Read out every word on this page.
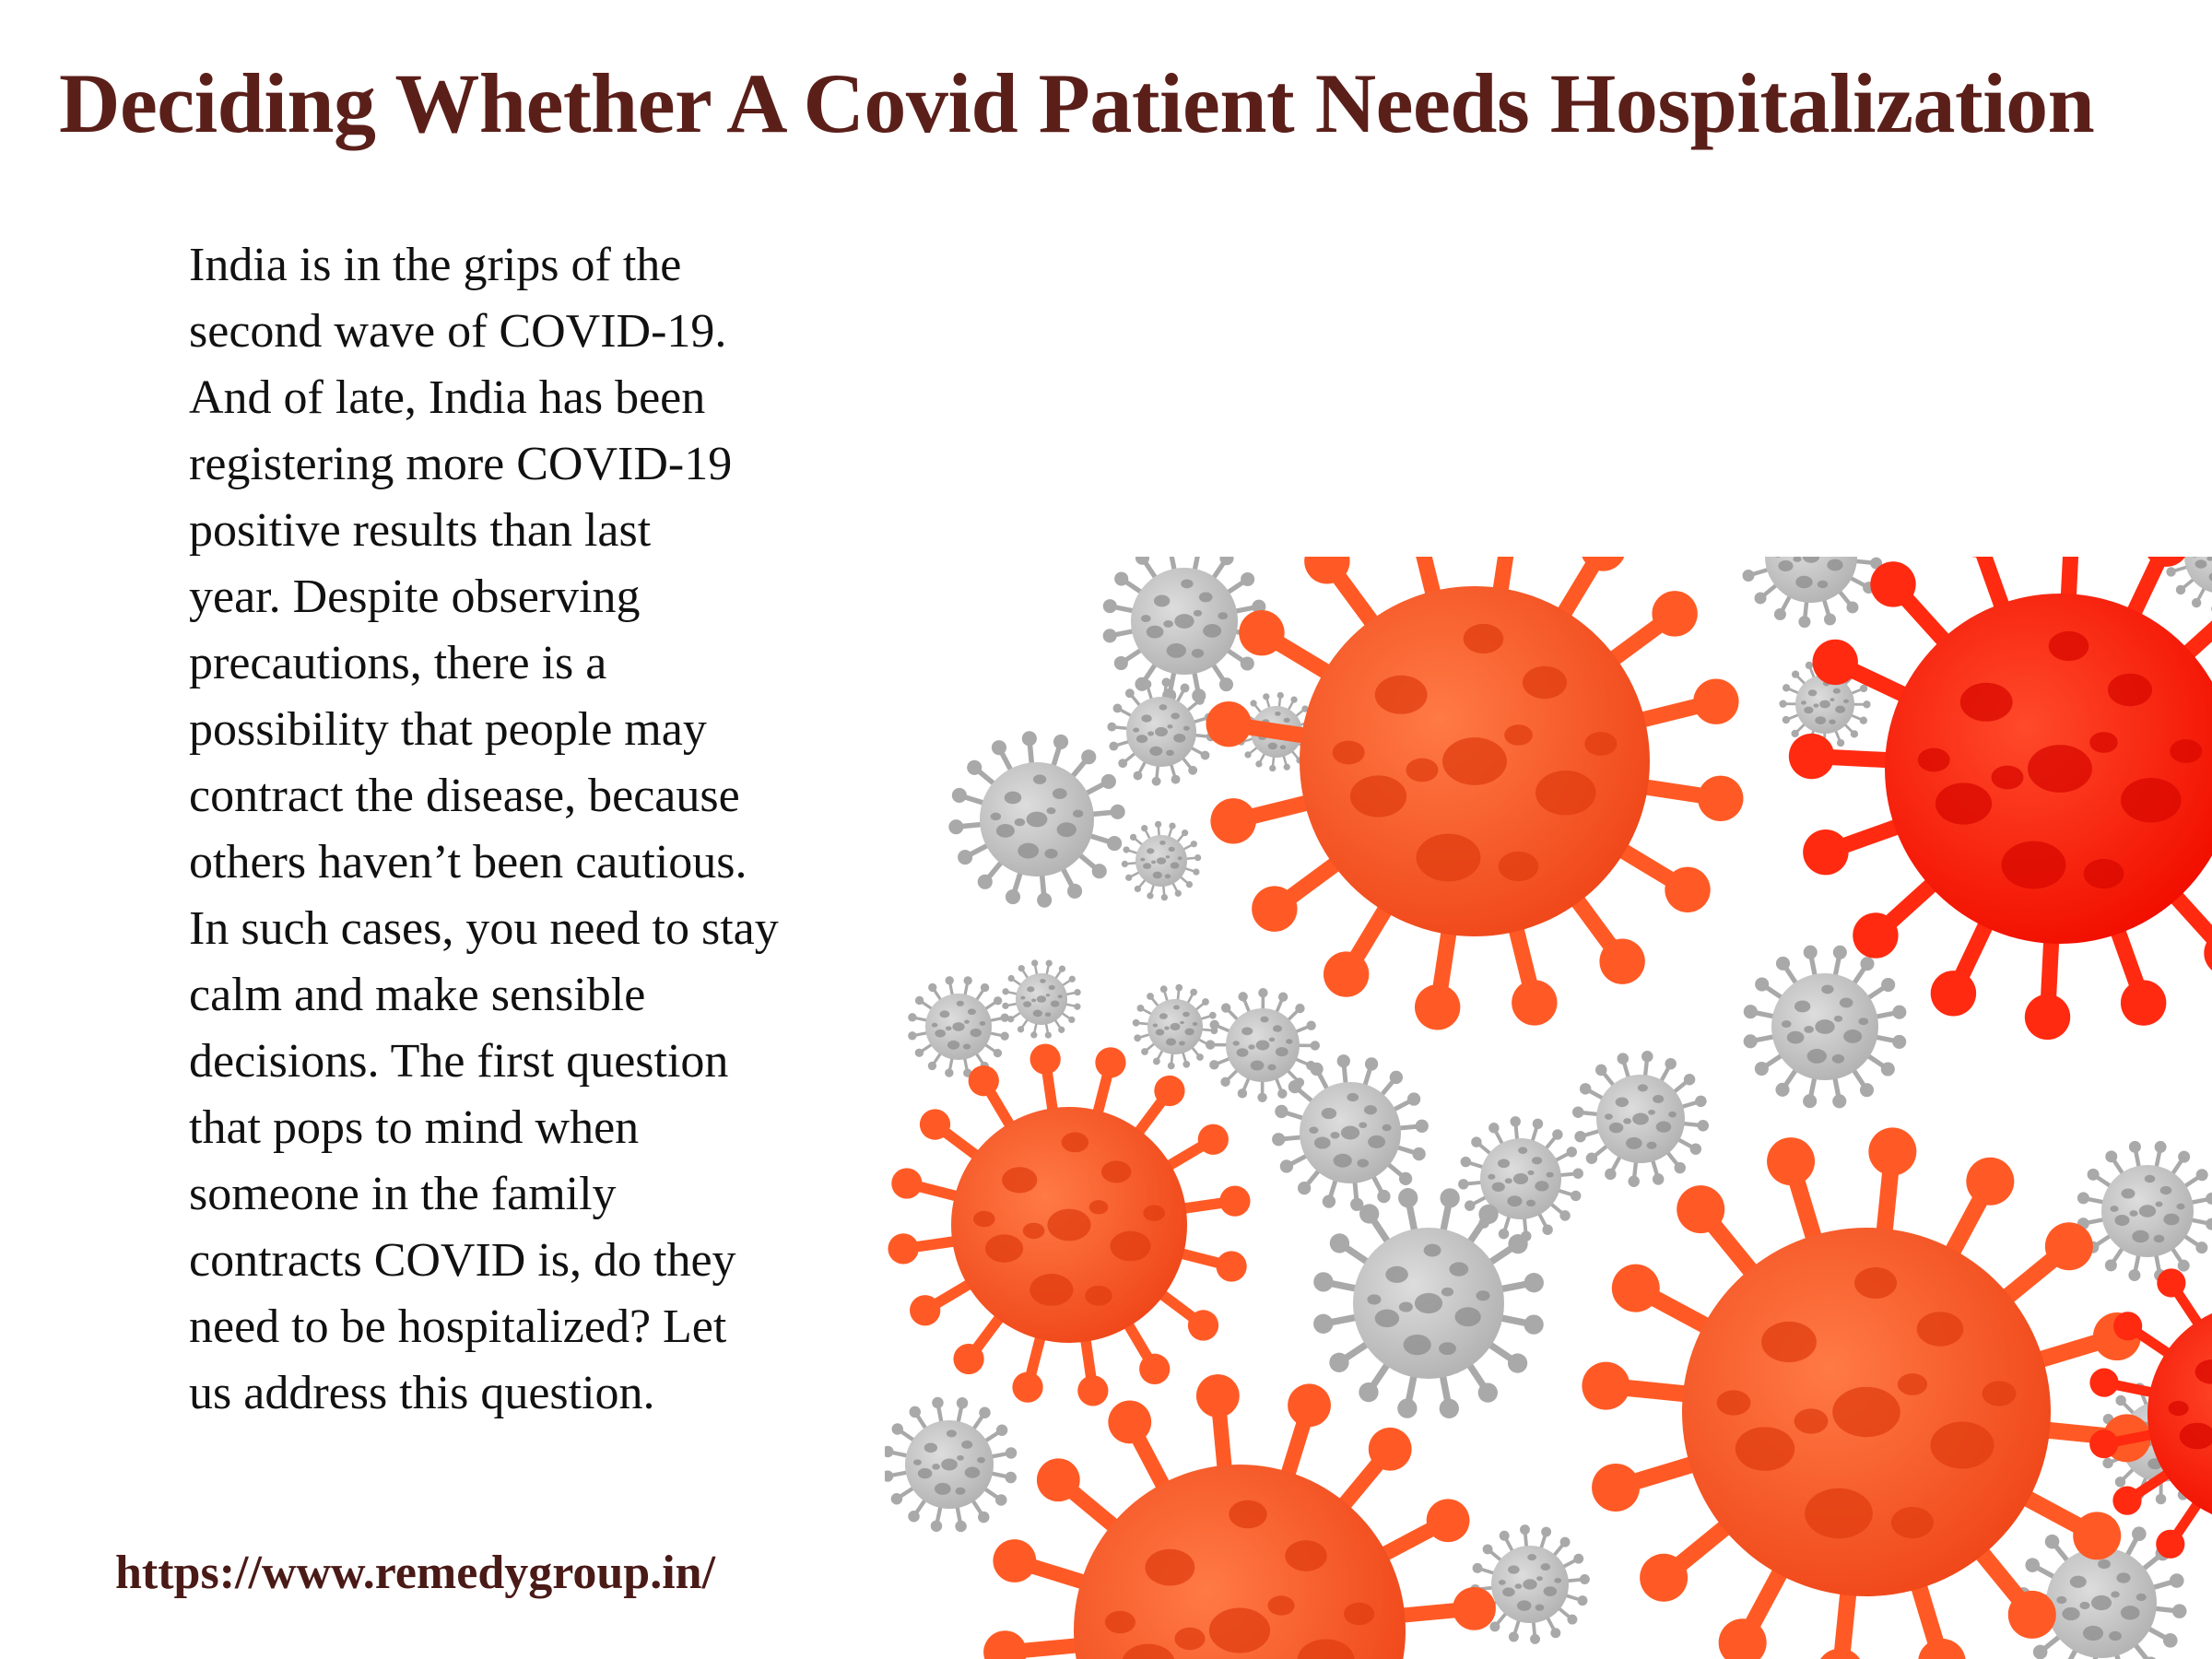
Deciding Whether A Covid Patient Needs Hospitalization

India is in the grips of the
second wave of COVID-19.
And of late, India has been
registering more COVID-19
positive results than last
year. Despite observing
precautions, there is a
possibility that people may
contract the disease, because
others haven’t been cautious.
In such cases, you need to stay
calm and make sensible
decisions. The first question
that pops to mind when
someone in the family
contracts COVID is, do they
need to be hospitalized? Let
us address this question.

https://www.remedygroup.in/
